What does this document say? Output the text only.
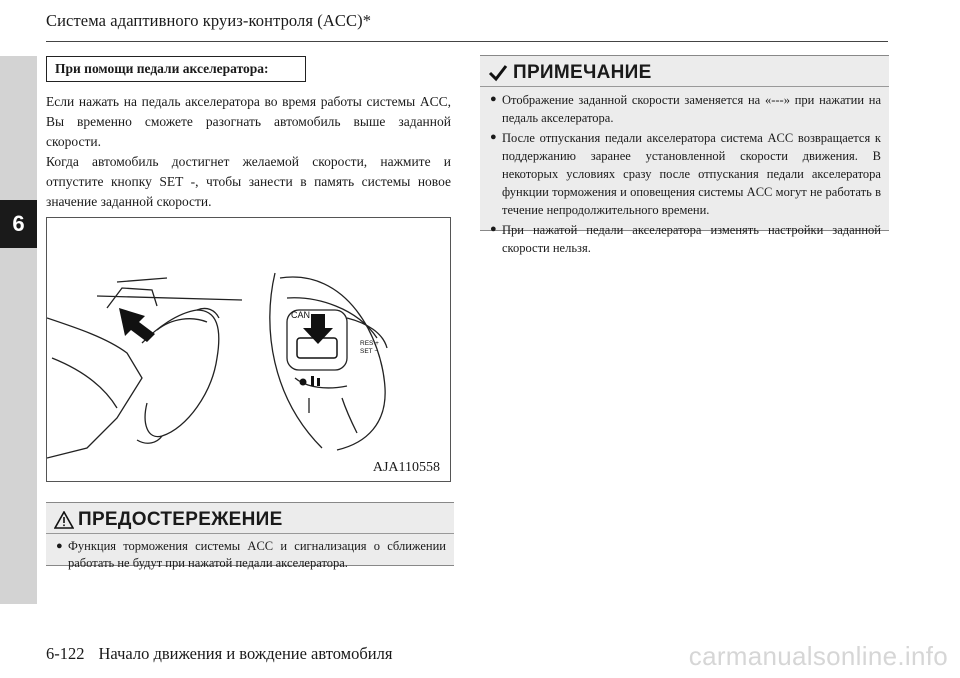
6
Система адаптивного круиз-контроля (ACC)*
При помощи педали акселератора:

Если нажать на педаль акселератора во время работы системы ACC, Вы временно сможете разогнать автомобиль выше заданной скорости.

Когда автомобиль достигнет желаемой скорости, нажмите и отпустите кнопку SET -, чтобы занести в память системы новое значение заданной скорости.

CAN
RES +
SET −
AJA110558
ПРЕДОСТЕРЕЖЕНИЕ
● Функция торможения системы ACC и сигнализация о сближении работать не будут при нажатой педали акселератора.
ПРИМЕЧАНИЕ
● Отображение заданной скорости заменяется на «---» при нажатии на педаль акселератора.
● После отпускания педали акселератора система ACC возвращается к поддержанию заранее установленной скорости движения. В некоторых условиях сразу после отпускания педали акселератора функции торможения и оповещения системы ACC могут не работать в течение непродолжительного времени.
● При нажатой педали акселератора изменять настройки заданной скорости нельзя.
6-122 Начало движения и вождение автомобиля	carmanualsonline.info
